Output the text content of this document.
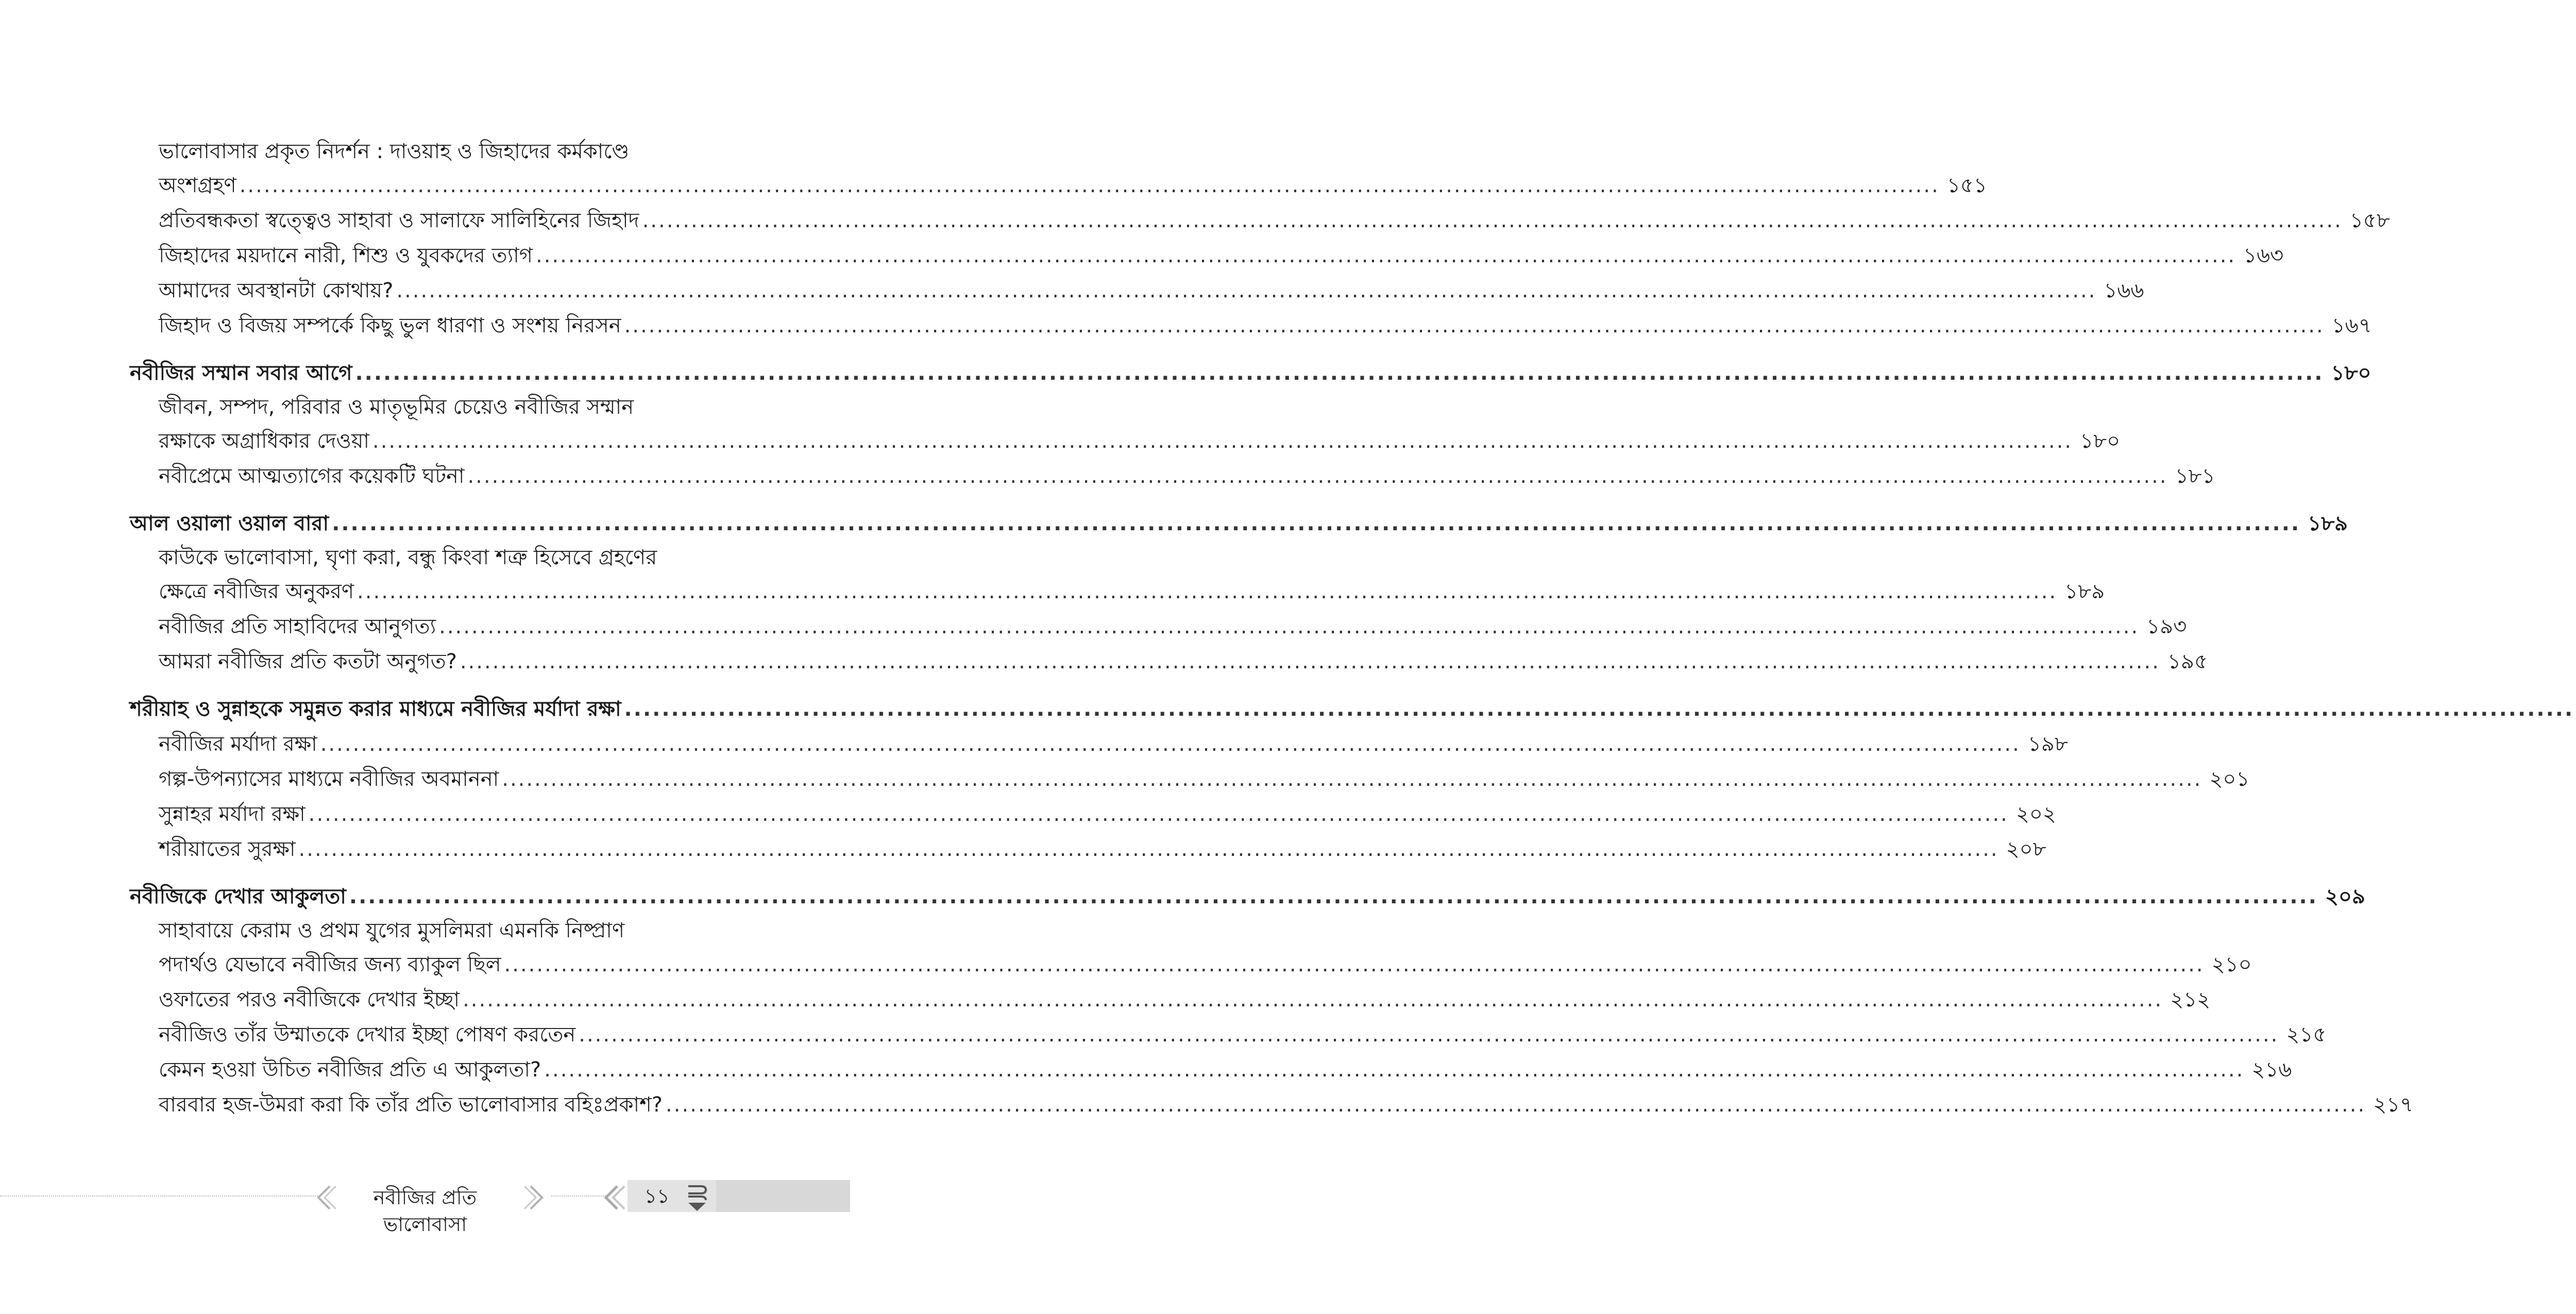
ভালোবাসার প্রকৃত নিদর্শন : দাওয়াহ ও জিহাদের কর্মকাণ্ডে
অংশগ্রহণ .....	১৫১
প্রতিবন্ধকতা স্বত্ত্বেও সাহাবা ও সালাফে সালিহিনের জিহাদ .....	১৫৮
জিহাদের ময়দানে নারী, শিশু ও যুবকদের ত্যাগ .....	১৬৩
আমাদের অবস্থানটা কোথায়? .....	১৬৬
জিহাদ ও বিজয় সম্পর্কে কিছু ভুল ধারণা ও সংশয় নিরসন .....	১৬৭
নবীজির সম্মান সবার আগে .....	১৮০
জীবন, সম্পদ, পরিবার ও মাতৃভূমির চেয়েও নবীজির সম্মান
রক্ষাকে অগ্রাধিকার দেওয়া .....	১৮০
নবীপ্রেমে আত্মত্যাগের কয়েকটি ঘটনা .....	১৮১
আল ওয়ালা ওয়াল বারা .....	১৮৯
কাউকে ভালোবাসা, ঘৃণা করা, বন্ধু কিংবা শত্রু হিসেবে গ্রহণের
ক্ষেত্রে নবীজির অনুকরণ .....	১৮৯
নবীজির প্রতি সাহাবিদের আনুগত্য .....	১৯৩
আমরা নবীজির প্রতি কতটা অনুগত? .....	১৯৫
শরীয়াহ ও সুন্নাহকে সমুন্নত করার মাধ্যমে নবীজির মর্যাদা রক্ষা
.....
নবীজির মর্যাদা রক্ষা .....	১৯৮
গল্প-উপন্যাসের মাধ্যমে নবীজির অবমাননা .....	২০১
সুন্নাহর মর্যাদা রক্ষা .....	২০২
শরীয়াতের সুরক্ষা .....	২০৮
নবীজিকে দেখার আকুলতা .....	২০৯
সাহাবায়ে কেরাম ও প্রথম যুগের মুসলিমরা এমনকি নিষ্প্রাণ
পদার্থও যেভাবে নবীজির জন্য ব্যাকুল ছিল .....	২১০
ওফাতের পরও নবীজিকে দেখার ইচ্ছা .....	২১২
নবীজিও তাঁর উম্মাতকে দেখার ইচ্ছা পোষণ করতেন .....	২১৫
কেমন হওয়া উচিত নবীজির প্রতি এ আকুলতা? .....	২১৬
বারবার হজ-উমরা করা কি তাঁর প্রতি ভালোবাসার বহিঃপ্রকাশ? .....	২১৭
নবীজির প্রতি ভালোবাসা
১১
